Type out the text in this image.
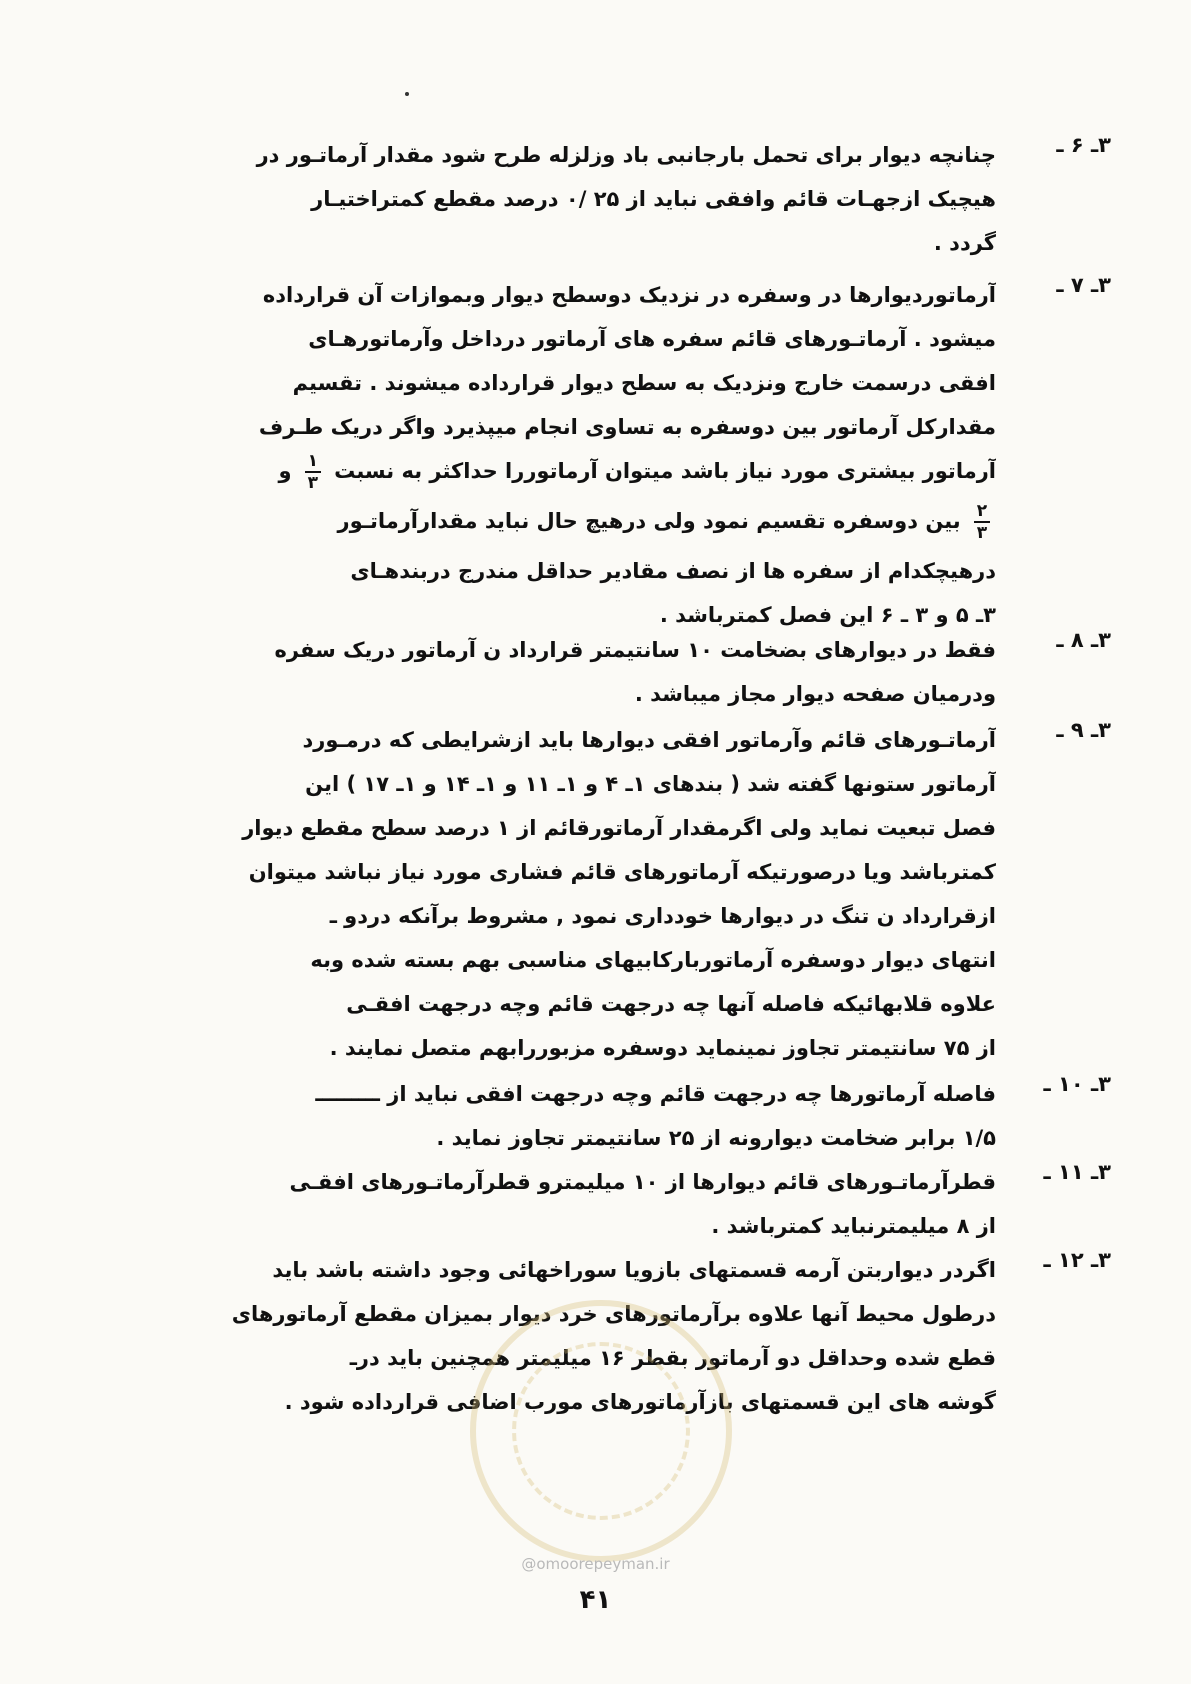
۳ـ ۶ ـ
چنانچه دیوار برای تحمل بارجانبی باد وزلزله طرح شود مقدار آرماتـور در
هیچیک ازجهـات قائم وافقی نباید از ۲۵ /۰ درصد مقطع کمتراختیـار
گردد .
۳ـ ۷ ـ
آرماتوردیوارها در وسفره در نزدیک دوسطح دیوار وبموازات آن قرارداده
میشود . آرماتـورهای قائم سفره های آرماتور درداخل وآرماتورهـای
افقی درسمت خارج ونزدیک به سطح دیوار قرارداده میشوند . تقسیم
مقدارکل آرماتور بین دوسفره به تساوی انجام میپذیرد واگر دریک طـرف
آرماتور بیشتری مورد نیاز باشد میتوان آرماتوررا حداکثر به نسبت
$\frac{۱}{۳}$
و
$\frac{۲}{۳}$
بین دوسفره تقسیم نمود ولی درهیچ حال نباید مقدارآرماتـور
درهیچکدام از سفره ها از نصف مقادیر حداقل مندرج دربندهـای
۳ـ ۵ و ۳ ـ ۶ این فصل کمترباشد .
۳ـ ۸ ـ
فقط در دیوارهای بضخامت ۱۰ سانتیمتر قرارداد ن آرماتور دریک سفره
ودرمیان صفحه دیوار مجاز میباشد .
۳ـ ۹ ـ
آرماتـورهای قائم وآرماتور افقی دیوارها باید ازشرایطی که درمـورد
آرماتور ستونها گفته شد ( بندهای ۱ـ ۴ و ۱ـ ۱۱ و ۱ـ ۱۴ و ۱ـ ۱۷ ) این
فصل تبعیت نماید ولی اگرمقدار آرماتورقائم از ۱ درصد سطح مقطع دیوار
کمترباشد ویا درصورتیکه آرماتورهای قائم فشاری مورد نیاز نباشد میتوان
ازقرارداد ن تنگ در دیوارها خودداری نمود , مشروط برآنکه دردو ـ
انتهای دیوار دوسفره آرماتوربارکابیهای مناسبی بهم بسته شده وبه
علاوه قلابهائیکه فاصله آنها چه درجهت قائم وچه درجهت افقـی
از ۷۵ سانتیمتر تجاوز نمینماید دوسفره مزبوررابهم متصل نمایند .
۳ـ ۱۰ ـ
فاصله آرماتورها چه درجهت قائم وچه درجهت افقی نباید از ـــــــــ
۱/۵ برابر ضخامت دیوارونه از ۲۵ سانتیمتر تجاوز نماید .
۳ـ ۱۱ ـ
قطرآرماتـورهای قائم دیوارها از ۱۰ میلیمترو قطرآرماتـورهای افقـی
از ۸ میلیمترنباید کمترباشد .
۳ـ ۱۲ ـ
اگردر دیواربتن آرمه قسمتهای بازویا سوراخهائی وجود داشته باشد باید
درطول محیط آنها علاوه برآرماتورهای خرد دیوار بمیزان مقطع آرماتورهای
قطع شده وحداقل دو آرماتور بقطر ۱۶ میلیمتر همچنین باید درـ
گوشه های این قسمتهای بازآرماتورهای مورب اضافی قرارداده شود .
@omoorepeyman.ir
۴۱
